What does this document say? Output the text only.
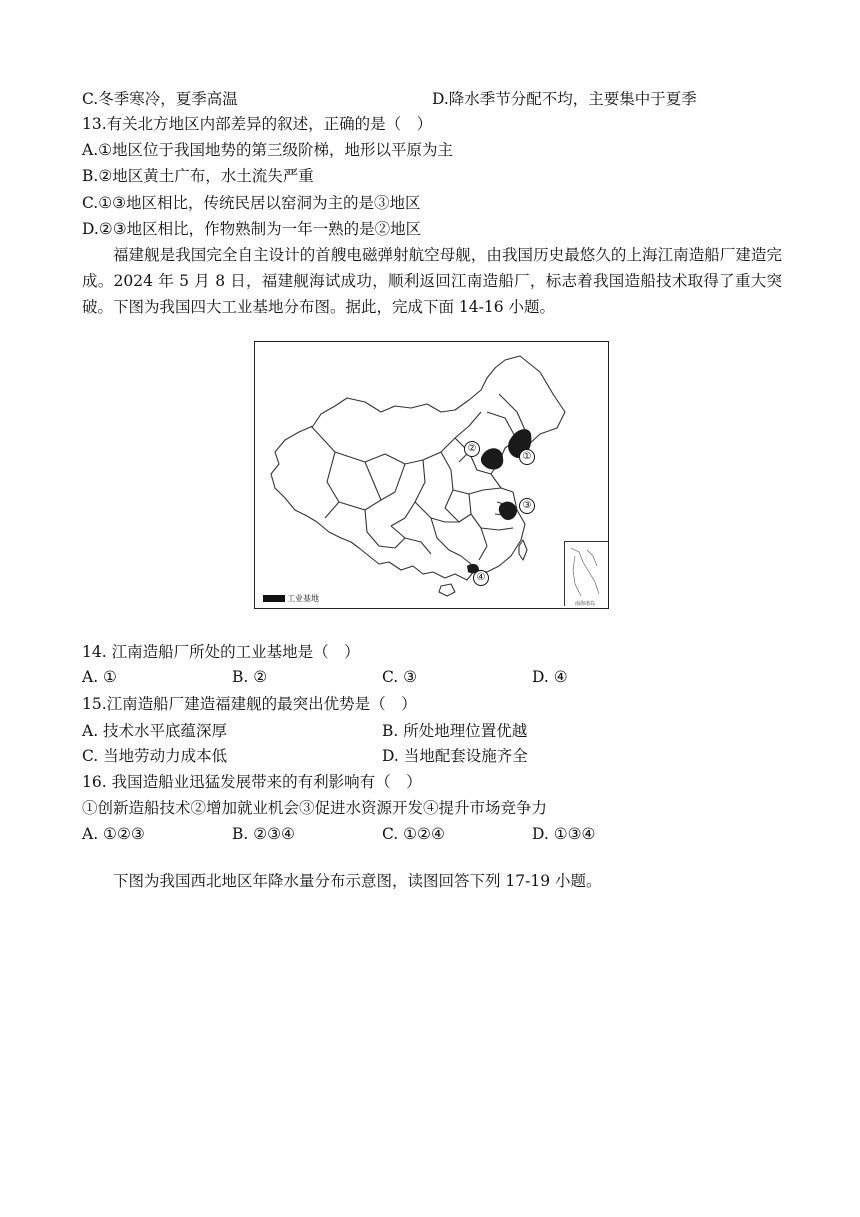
C.冬季寒冷，夏季高温	D.降水季节分配不均，主要集中于夏季
13.有关北方地区内部差异的叙述，正确的是（　）
A.①地区位于我国地势的第三级阶梯，地形以平原为主
B.②地区黄土广布，水土流失严重
C.①③地区相比，传统民居以窑洞为主的是③地区
D.②③地区相比，作物熟制为一年一熟的是②地区
福建舰是我国完全自主设计的首艘电磁弹射航空母舰，由我国历史最悠久的上海江南造船厂建造完成。2024 年 5 月 8 日，福建舰海试成功，顺利返回江南造船厂，标志着我国造船技术取得了重大突破。下图为我国四大工业基地分布图。据此，完成下面 14-16 小题。
②
①
③
④
南海诸岛
工业基地
14. 江南造船厂所处的工业基地是（　）
A. ①	B. ②	C. ③	D. ④
15.江南造船厂建造福建舰的最突出优势是（　）
A. 技术水平底蕴深厚	B. 所处地理位置优越
C. 当地劳动力成本低	D. 当地配套设施齐全
16. 我国造船业迅猛发展带来的有利影响有（　）
①创新造船技术②增加就业机会③促进水资源开发④提升市场竞争力
A. ①②③	B. ②③④	C. ①②④	D. ①③④
下图为我国西北地区年降水量分布示意图，读图回答下列 17-19 小题。
